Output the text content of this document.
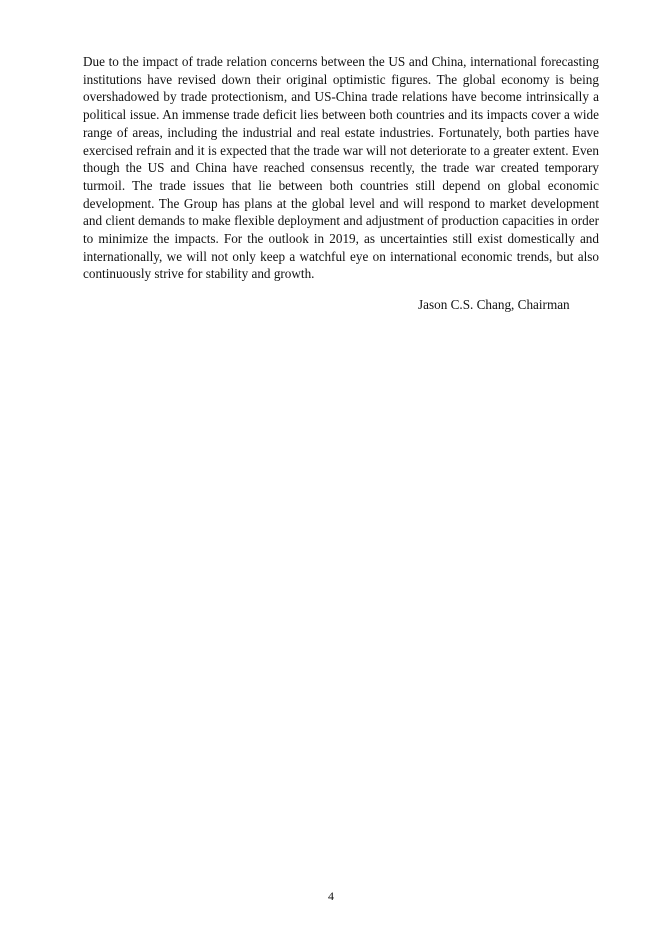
Due to the impact of trade relation concerns between the US and China, international forecasting institutions have revised down their original optimistic figures. The global economy is being overshadowed by trade protectionism, and US-China trade relations have become intrinsically a political issue. An immense trade deficit lies between both countries and its impacts cover a wide range of areas, including the industrial and real estate industries. Fortunately, both parties have exercised refrain and it is expected that the trade war will not deteriorate to a greater extent. Even though the US and China have reached consensus recently, the trade war created temporary turmoil. The trade issues that lie between both countries still depend on global economic development. The Group has plans at the global level and will respond to market development and client demands to make flexible deployment and adjustment of production capacities in order to minimize the impacts. For the outlook in 2019, as uncertainties still exist domestically and internationally, we will not only keep a watchful eye on international economic trends, but also continuously strive for stability and growth.

Jason C.S. Chang, Chairman

4
